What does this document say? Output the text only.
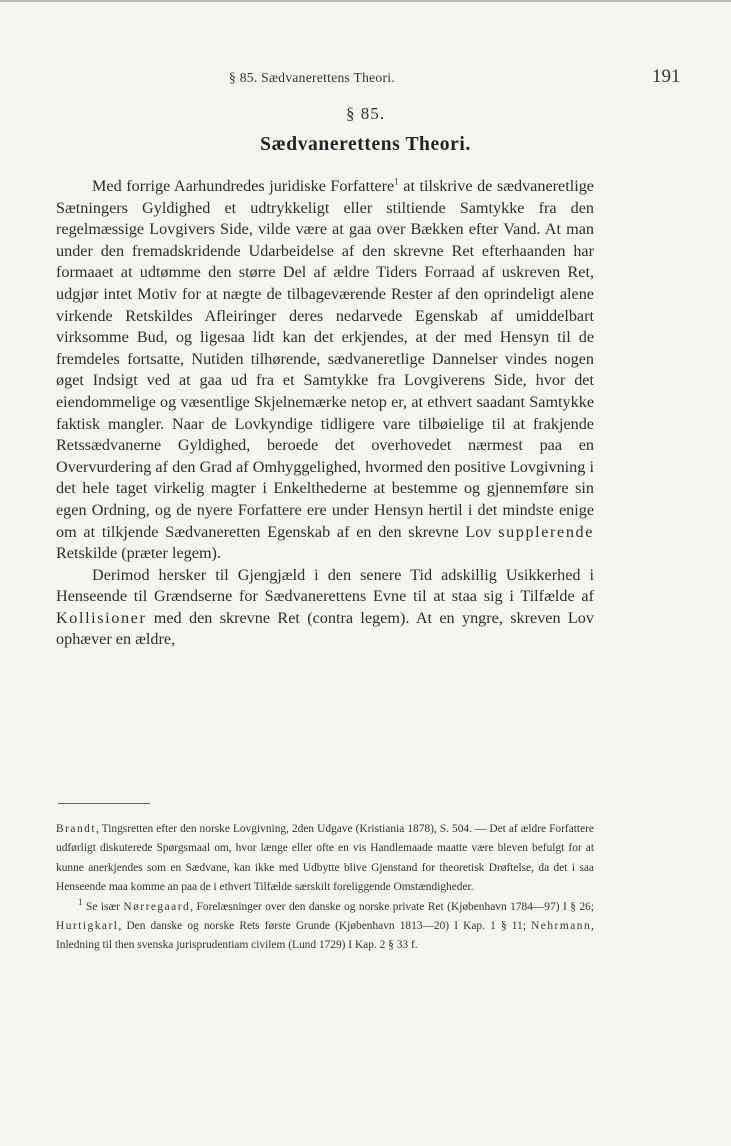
§ 85. Sædvanerettens Theori.	191
§ 85.
Sædvanerettens Theori.

Med forrige Aarhundredes juridiske Forfattere$^1$ at tilskrive de sædvaneretlige Sætningers Gyldighed et udtrykkeligt eller stiltiende Samtykke fra den regelmæssige Lovgivers Side, vilde være at gaa over Bækken efter Vand. At man under den fremadskridende Udarbeidelse af den skrevne Ret efterhaanden har formaaet at udtømme den større Del af ældre Tiders Forraad af uskreven Ret, udgjør intet Motiv for at nægte de tilbageværende Rester af den oprindeligt alene virkende Retskildes Afleiringer deres nedarvede Egenskab af umiddelbart virksomme Bud, og ligesaa lidt kan det erkjendes, at der med Hensyn til de fremdeles fortsatte, Nutiden tilhørende, sædvaneretlige Dannelser vindes nogen øget Indsigt ved at gaa ud fra et Samtykke fra Lovgiverens Side, hvor det eiendommelige og væsentlige Skjelnemærke netop er, at ethvert saadant Samtykke faktisk mangler. Naar de Lovkyndige tidligere vare tilbøielige til at frakjende Retssædvanerne Gyldighed, beroede det overhovedet nærmest paa en Overvurdering af den Grad af Omhyggelighed, hvormed den positive Lovgivning i det hele taget virkelig magter i Enkelthederne at bestemme og gjennemføre sin egen Ordning, og de nyere Forfattere ere under Hensyn hertil i det mindste enige om at tilkjende Sædvaneretten Egenskab af en den skrevne Lov supplerende Retskilde (præter legem).

Derimod hersker til Gjengjæld i den senere Tid adskillig Usikkerhed i Henseende til Grændserne for Sædvanerettens Evne til at staa sig i Tilfælde af Kollisioner med den skrevne Ret (contra legem). At en yngre, skreven Lov ophæver en ældre,

Brandt, Tingsretten efter den norske Lovgivning, 2den Udgave (Kristiania 1878), S. 504. — Det af ældre Forfattere udførligt diskuterede Spørgsmaal om, hvor længe eller ofte en vis Handlemaade maatte være bleven befulgt for at kunne anerkjendes som en Sædvane, kan ikke med Udbytte blive Gjenstand for theoretisk Drøftelse, da det i saa Henseende maa komme an paa de i ethvert Tilfælde særskilt foreliggende Omstændigheder.

$^1$ Se især Nørregaard, Forelæsninger over den danske og norske private Ret (Kjøbenhavn 1784—97) I § 26; Hurtigkarl, Den danske og norske Rets første Grunde (Kjøbenhavn 1813—20) I Kap. 1 § 11; Nehrmann, Inledning til then svenska jurisprudentiam civilem (Lund 1729) I Kap. 2 § 33 f.
